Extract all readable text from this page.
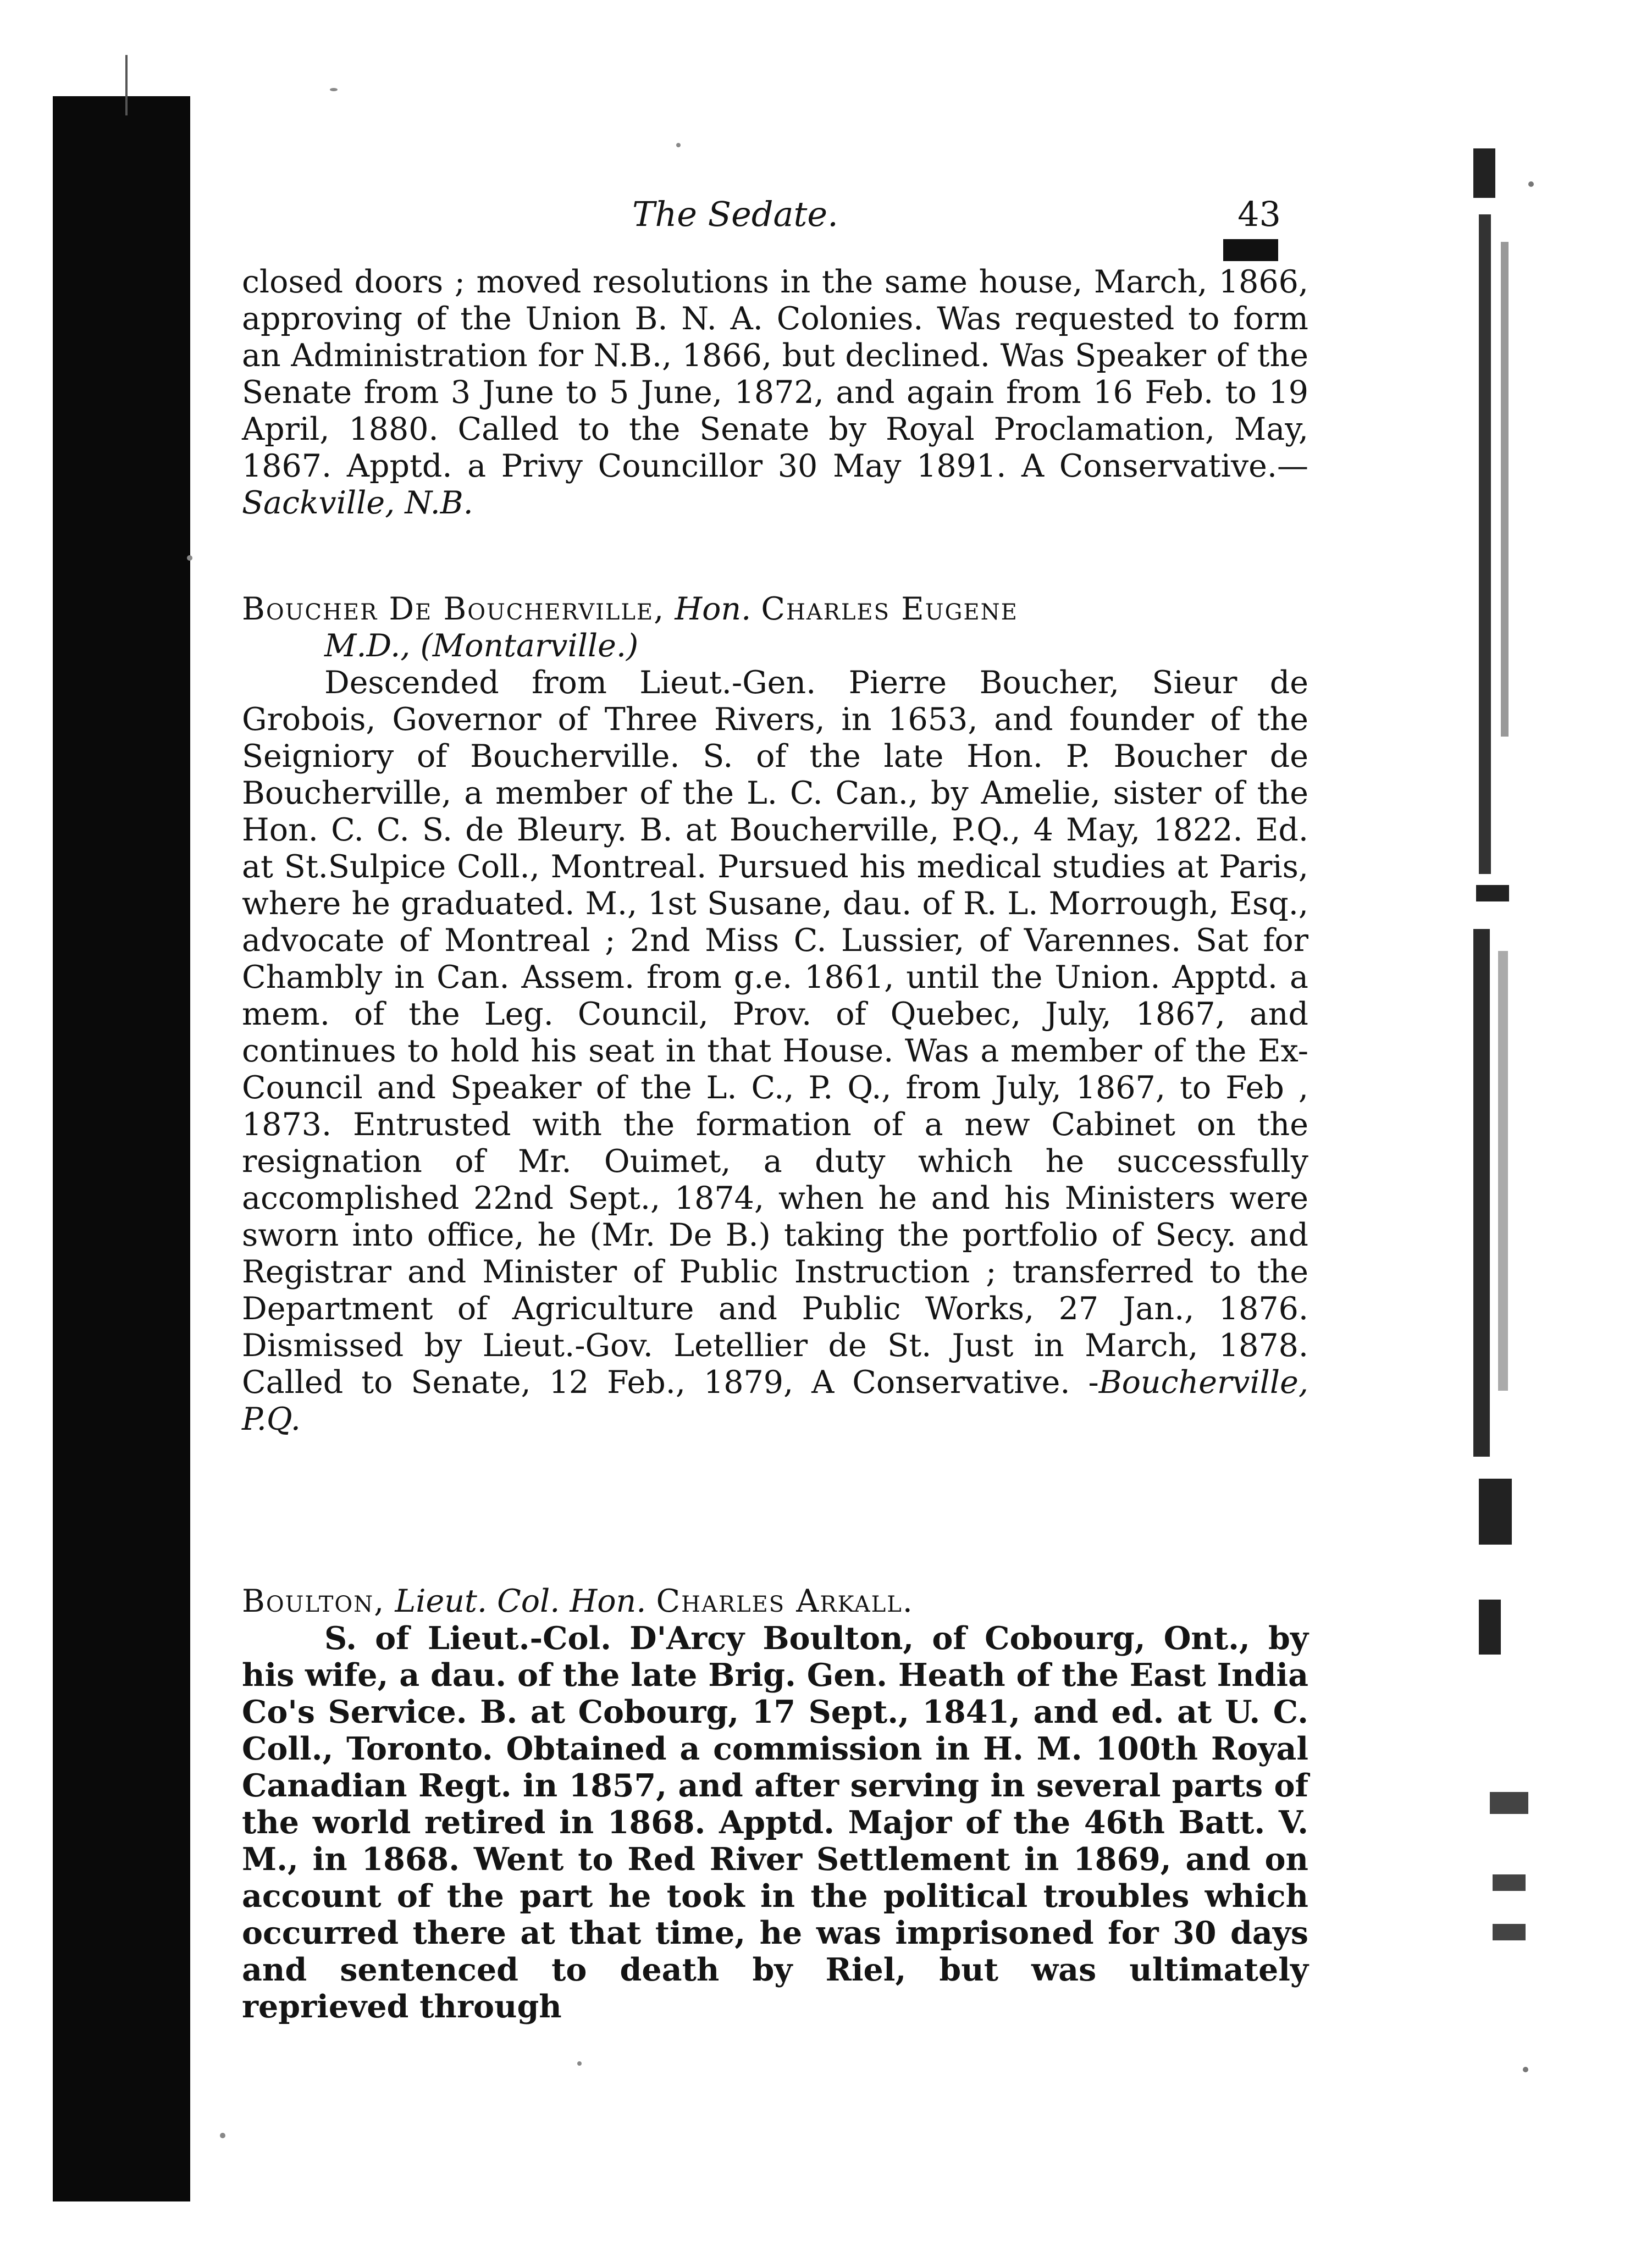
The Sedate.	43

closed doors ; moved resolutions in the same house, March, 1866, approving of the Union B. N. A. Colonies. Was requested to form an Administration for N.B., 1866, but declined. Was Speaker of the Senate from 3 June to 5 June, 1872, and again from 16 Feb. to 19 April, 1880. Called to the Senate by Royal Proclamation, May, 1867. Apptd. a Privy Councillor 30 May 1891. A Conservative.—Sackville, N.B.

Boucher De Boucherville, Hon. Charles Eugene

M.D., (Montarville.)

Descended from Lieut.-Gen. Pierre Boucher, Sieur de Grobois, Governor of Three Rivers, in 1653, and founder of the Seigniory of Boucherville. S. of the late Hon. P. Boucher de Boucherville, a member of the L. C. Can., by Amelie, sister of the Hon. C. C. S. de Bleury. B. at Boucherville, P.Q., 4 May, 1822. Ed. at St.Sulpice Coll., Montreal. Pursued his medical studies at Paris, where he graduated. M., 1st Susane, dau. of R. L. Morrough, Esq., advocate of Montreal ; 2nd Miss C. Lussier, of Varennes. Sat for Chambly in Can. Assem. from g.e. 1861, until the Union. Apptd. a mem. of the Leg. Council, Prov. of Quebec, July, 1867, and continues to hold his seat in that House. Was a member of the Ex-Council and Speaker of the L. C., P. Q., from July, 1867, to Feb , 1873. Entrusted with the formation of a new Cabinet on the resignation of Mr. Ouimet, a duty which he successfully accomplished 22nd Sept., 1874, when he and his Ministers were sworn into office, he (Mr. De B.) taking the portfolio of Secy. and Registrar and Minister of Public Instruction ; transferred to the Department of Agriculture and Public Works, 27 Jan., 1876. Dismissed by Lieut.-Gov. Letellier de St. Just in March, 1878. Called to Senate, 12 Feb., 1879, A Conservative. -Boucherville, P.Q.

Boulton, Lieut. Col. Hon. Charles Arkall.

S. of Lieut.-Col. D'Arcy Boulton, of Cobourg, Ont., by his wife, a dau. of the late Brig. Gen. Heath of the East India Co's Service. B. at Cobourg, 17 Sept., 1841, and ed. at U. C. Coll., Toronto. Obtained a commission in H. M. 100th Royal Canadian Regt. in 1857, and after serving in several parts of the world retired in 1868. Apptd. Major of the 46th Batt. V. M., in 1868. Went to Red River Settlement in 1869, and on account of the part he took in the political troubles which occurred there at that time, he was imprisoned for 30 days and sentenced to death by Riel, but was ultimately reprieved through
